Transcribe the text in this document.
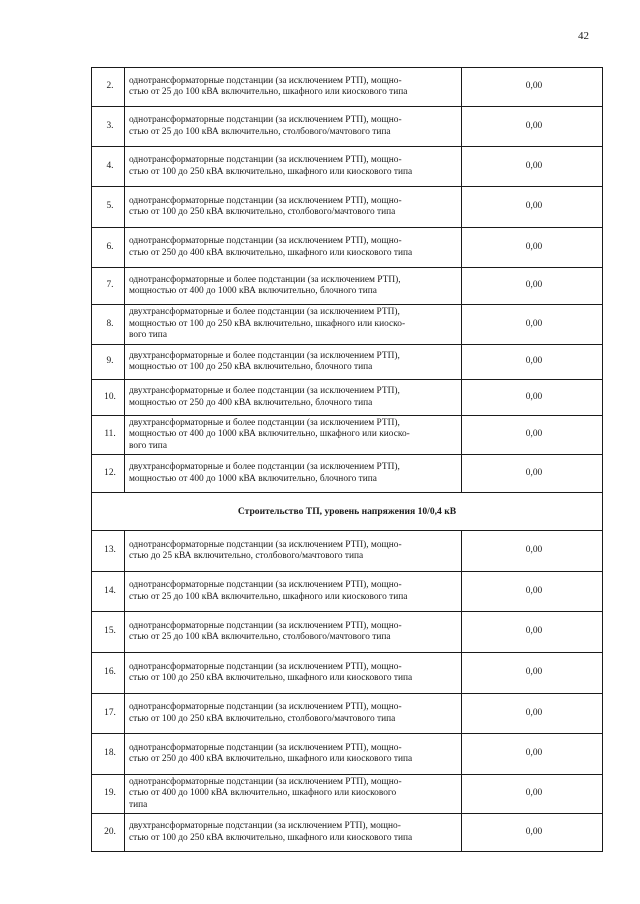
42
2.	однотрансформаторные подстанции (за исключением РТП), мощно-
стью от 25 до 100 кВА включительно, шкафного или киоскового типа	0,00
3.	однотрансформаторные подстанции (за исключением РТП), мощно-
стью от 25 до 100 кВА включительно, столбового/мачтового типа	0,00
4.	однотрансформаторные подстанции (за исключением РТП), мощно-
стью от 100 до 250 кВА включительно, шкафного или киоскового типа	0,00
5.	однотрансформаторные подстанции (за исключением РТП), мощно-
стью от 100 до 250 кВА включительно, столбового/мачтового типа	0,00
6.	однотрансформаторные подстанции (за исключением РТП), мощно-
стью от 250 до 400 кВА включительно, шкафного или киоскового типа	0,00
7.	однотрансформаторные и более подстанции (за исключением РТП),
мощностью от 400 до 1000 кВА включительно, блочного типа	0,00
8.	двухтрансформаторные и более подстанции (за исключением РТП),
мощностью от 100 до 250 кВА включительно, шкафного или киоско-
вого типа	0,00
9.	двухтрансформаторные и более подстанции (за исключением РТП),
мощностью от 100 до 250 кВА включительно, блочного типа	0,00
10.	двухтрансформаторные и более подстанции (за исключением РТП),
мощностью от 250 до 400 кВА включительно, блочного типа	0,00
11.	двухтрансформаторные и более подстанции (за исключением РТП),
мощностью от 400 до 1000 кВА включительно, шкафного или киоско-
вого типа	0,00
12.	двухтрансформаторные и более подстанции (за исключением РТП),
мощностью от 400 до 1000 кВА включительно, блочного типа	0,00
Строительство ТП, уровень напряжения 10/0,4 кВ		
13.	однотрансформаторные подстанции (за исключением РТП), мощно-
стью до 25 кВА включительно, столбового/мачтового типа	0,00
14.	однотрансформаторные подстанции (за исключением РТП), мощно-
стью от 25 до 100 кВА включительно, шкафного или киоскового типа	0,00
15.	однотрансформаторные подстанции (за исключением РТП), мощно-
стью от 25 до 100 кВА включительно, столбового/мачтового типа	0,00
16.	однотрансформаторные подстанции (за исключением РТП), мощно-
стью от 100 до 250 кВА включительно, шкафного или киоскового типа	0,00
17.	однотрансформаторные подстанции (за исключением РТП), мощно-
стью от 100 до 250 кВА включительно, столбового/мачтового типа	0,00
18.	однотрансформаторные подстанции (за исключением РТП), мощно-
стью от 250 до 400 кВА включительно, шкафного или киоскового типа	0,00
19.	однотрансформаторные подстанции (за исключением РТП), мощно-
стью от 400 до 1000 кВА включительно, шкафного или киоскового
типа	0,00
20.	двухтрансформаторные подстанции (за исключением РТП), мощно-
стью от 100 до 250 кВА включительно, шкафного или киоскового типа	0,00
